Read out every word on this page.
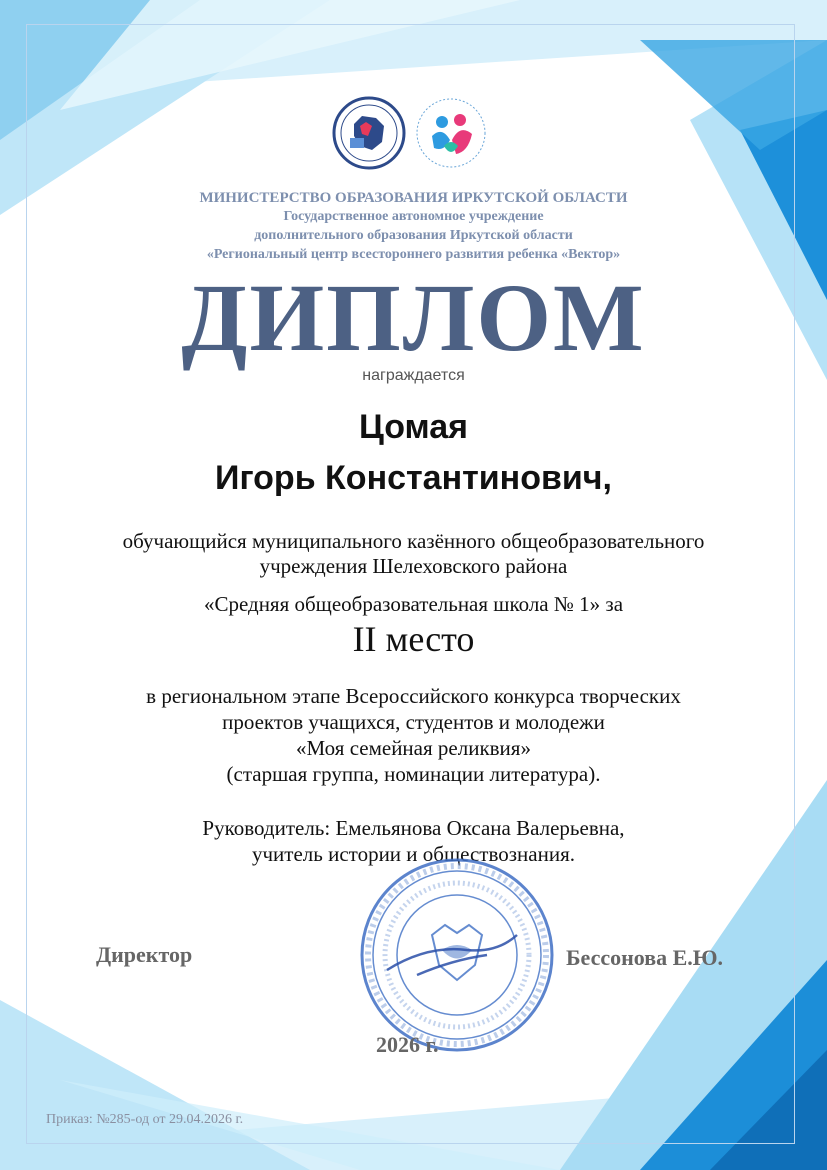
МИНИСТЕРСТВО ОБРАЗОВАНИЯ ИРКУТСКОЙ ОБЛАСТИ
Государственное автономное учреждение
дополнительного образования Иркутской области
«Региональный центр всестороннего развития ребенка «Вектор»
ДИПЛОМ
награждается
Цомая
Игорь Константинович,
обучающийся муниципального казённого общеобразовательного
учреждения Шелеховского района
«Средняя общеобразовательная школа № 1» за
II место
в региональном этапе Всероссийского конкурса творческих
проектов учащихся, студентов и молодежи
«Моя семейная реликвия»
(старшая группа, номинации литература).
Руководитель: Емельянова Оксана Валерьевна,
учитель истории и обществознания.
Директор	Бессонова Е.Ю.
2026 г.
Приказ: №285-од от 29.04.2026 г.
